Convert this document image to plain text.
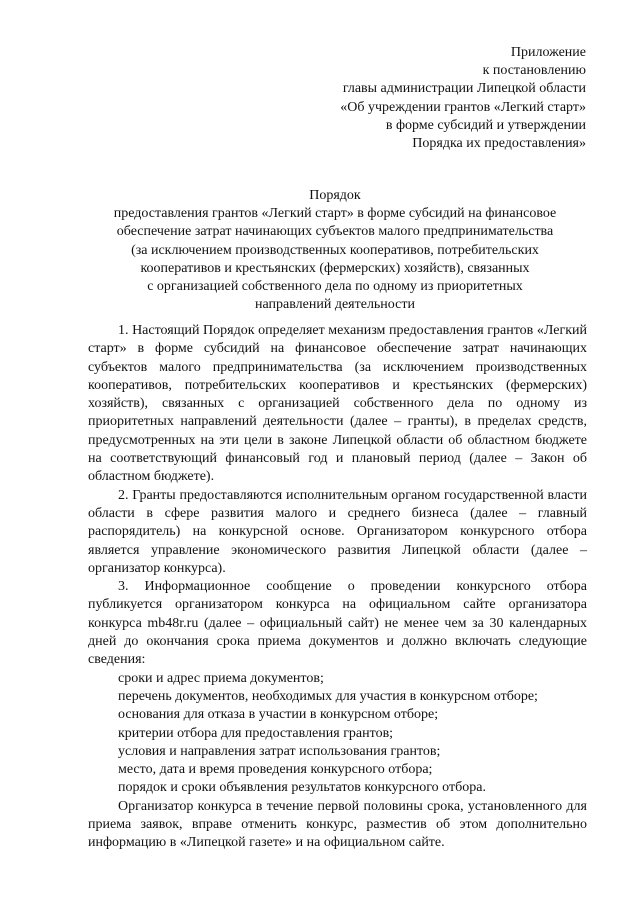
Приложение
к постановлению
главы администрации Липецкой области
«Об учреждении грантов «Легкий старт»
в форме субсидий и утверждении
Порядка их предоставления»
Порядок
предоставления грантов «Легкий старт» в форме субсидий на финансовое
обеспечение затрат начинающих субъектов малого предпринимательства
(за исключением производственных кооперативов, потребительских
кооперативов и крестьянских (фермерских) хозяйств), связанных
с организацией собственного дела по одному из приоритетных
направлений деятельности

1. Настоящий Порядок определяет механизм предоставления грантов «Легкий старт» в форме субсидий на финансовое обеспечение затрат начинающих субъектов малого предпринимательства (за исключением производственных кооперативов, потребительских кооперативов и крестьянских (фермерских) хозяйств), связанных с организацией собственного дела по одному из приоритетных направлений деятельности (далее – гранты), в пределах средств, предусмотренных на эти цели в законе Липецкой области об областном бюджете на соответствующий финансовый год и плановый период (далее – Закон об областном бюджете).

2. Гранты предоставляются исполнительным органом государственной власти области в сфере развития малого и среднего бизнеса (далее – главный распорядитель) на конкурсной основе. Организатором конкурсного отбора является управление экономического развития Липецкой области (далее – организатор конкурса).

3. Информационное сообщение о проведении конкурсного отбора публикуется организатором конкурса на официальном сайте организатора конкурса mb48r.ru (далее – официальный сайт) не менее чем за 30 календарных дней до окончания срока приема документов и должно включать следующие сведения:

сроки и адрес приема документов;
перечень документов, необходимых для участия в конкурсном отборе;
основания для отказа в участии в конкурсном отборе;
критерии отбора для предоставления грантов;
условия и направления затрат использования грантов;
место, дата и время проведения конкурсного отбора;
порядок и сроки объявления результатов конкурсного отбора.

Организатор конкурса в течение первой половины срока, установленного для приема заявок, вправе отменить конкурс, разместив об этом дополнительно информацию в «Липецкой газете» и на официальном сайте.
